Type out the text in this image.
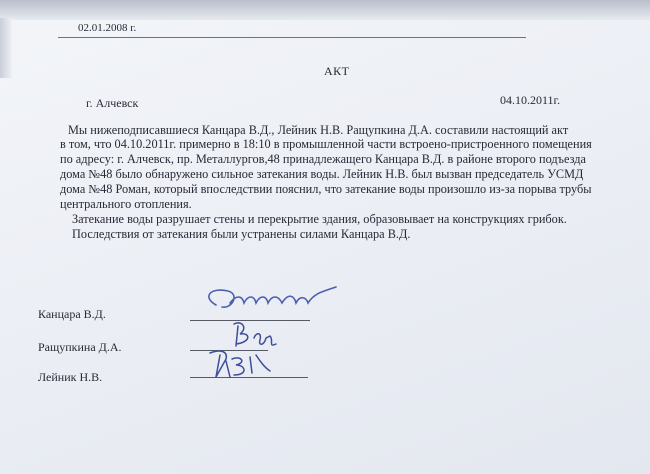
02.01.2008 г.
АКТ
г. Алчевск	04.10.2011г.
Мы нижеподписавшиеся Канцара В.Д., Лейник Н.В. Ращупкина Д.А. составили настоящий акт
в том, что 04.10.2011г. примерно в 18:10 в промышленной части встроено-пристроенного помещения
по адресу: г. Алчевск, пр. Металлургов,48 принадлежащего Канцара В.Д. в районе второго подъезда
дома №48 было обнаружено сильное затекания воды. Лейник Н.В. был вызван председатель УСМД
дома №48 Роман, который впоследствии пояснил, что затекание воды произошло из-за порыва трубы
центрального отопления.
Затекание воды разрушает стены и перекрытие здания, образовывает на конструкциях грибок.
Последствия от затекания были устранены силами Канцара В.Д.
Канцара В.Д.
Ращупкина Д.А.
Лейник Н.В.
